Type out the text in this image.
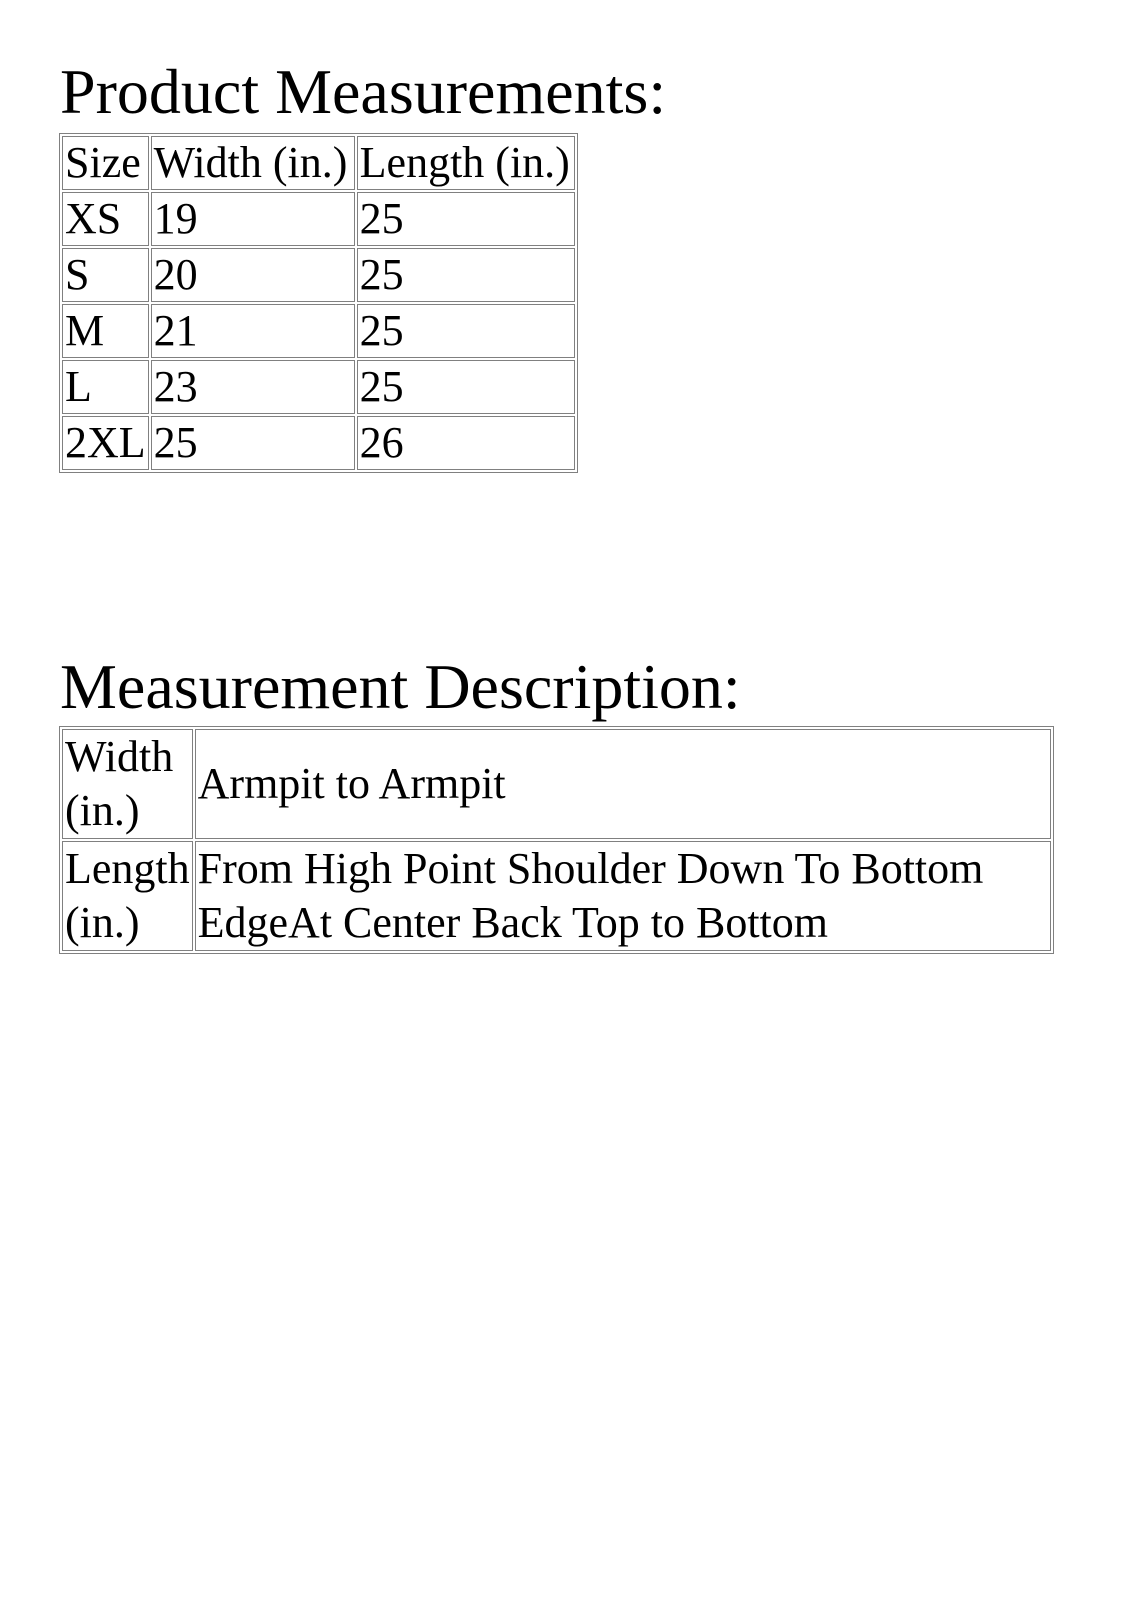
Product Measurements:
Size	Width (in.)	Length (in.)
XS	19	25
S	20	25
M	21	25
L	23	25
2XL	25	26
Measurement Description:
Width (in.)	Armpit to Armpit
Length (in.)	From High Point Shoulder Down To Bottom EdgeAt Center Back Top to Bottom
